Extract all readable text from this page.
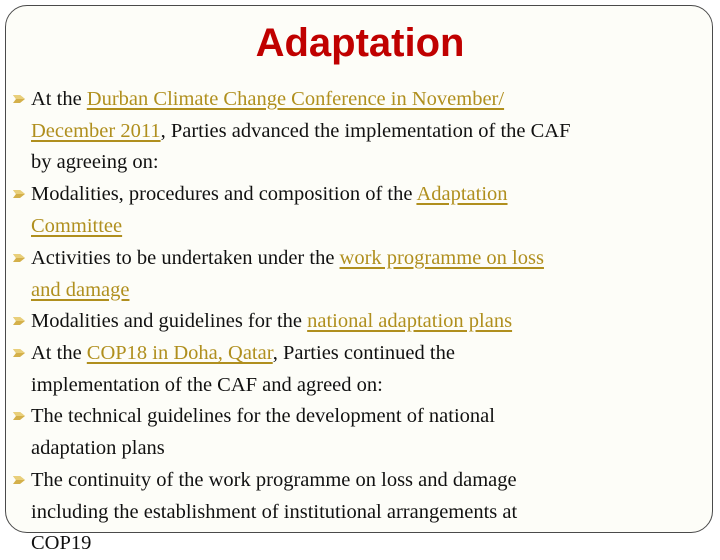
Adaptation
At the Durban Climate Change Conference in November/
December 2011, Parties advanced the implementation of the CAF
by agreeing on:
Modalities, procedures and composition of the Adaptation
Committee
Activities to be undertaken under the work programme on loss
and damage
Modalities and guidelines for the national adaptation plans
At the COP18 in Doha, Qatar, Parties continued the
implementation of the CAF and agreed on:
The technical guidelines for the development of national
adaptation plans
The continuity of the work programme on loss and damage
including the establishment of institutional arrangements at
COP19
